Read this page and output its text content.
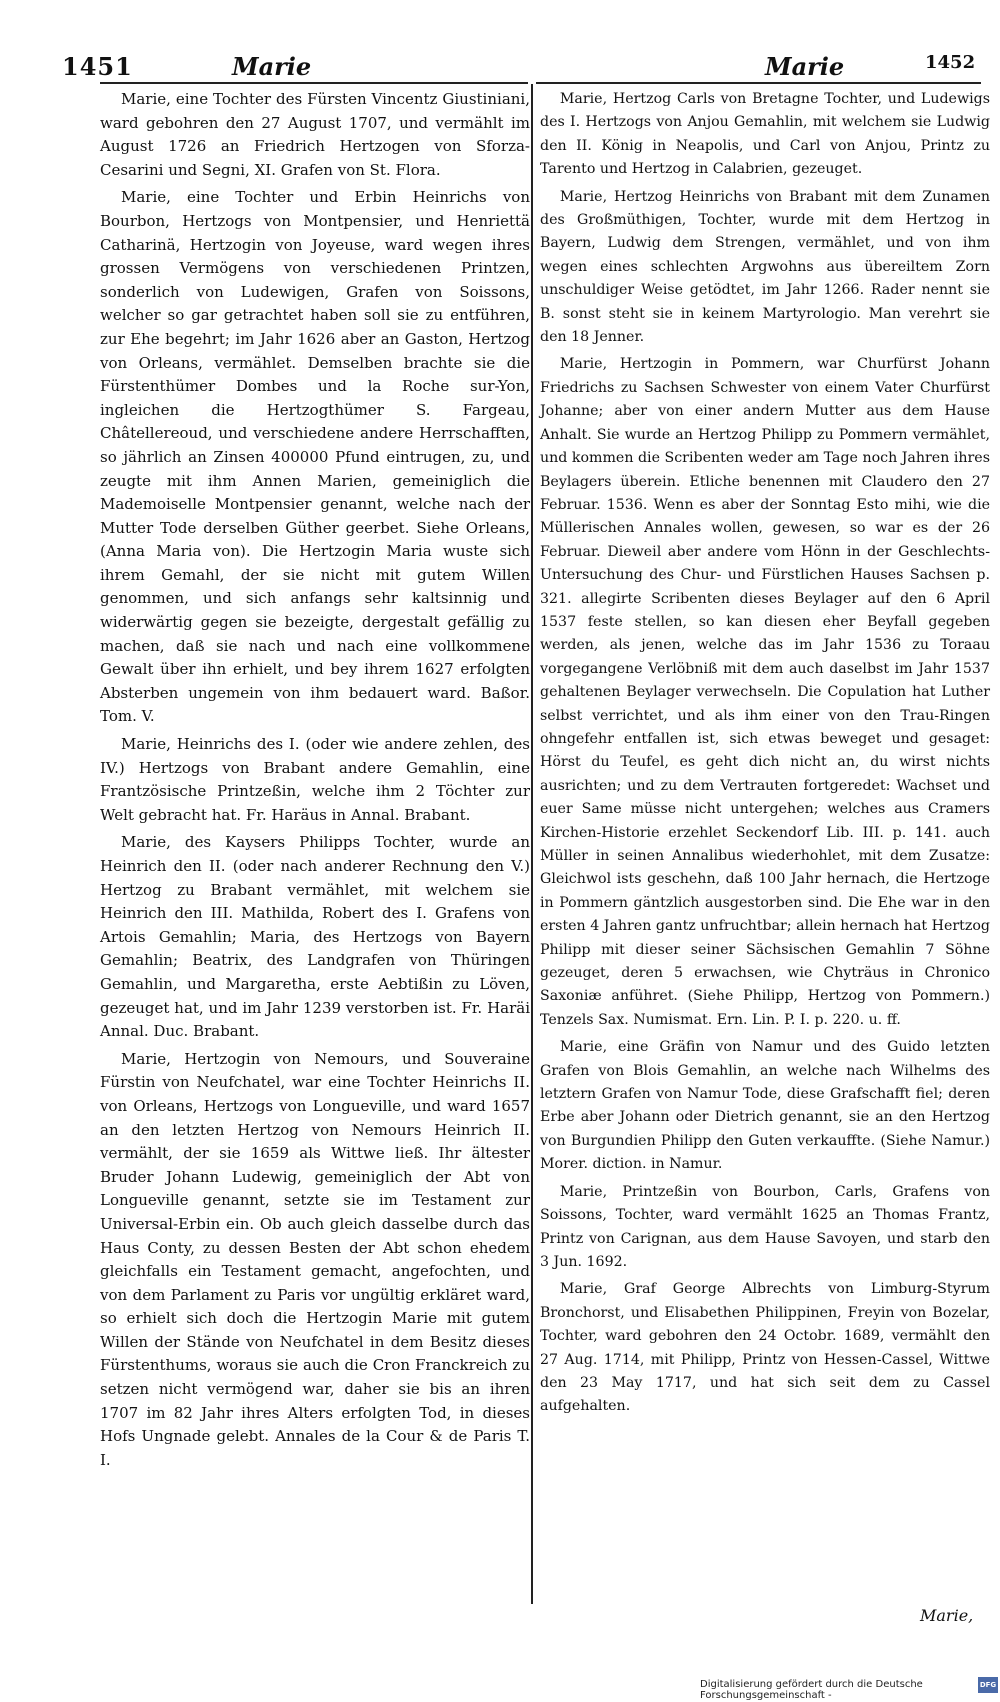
1451	Marie	Marie	1452

Marie, eine Tochter des Fürsten Vincentz Giustiniani, ward gebohren den 27 August 1707, und vermählt im August 1726 an Friedrich Hertzogen von Sforza-Cesarini und Segni, XI. Grafen von St. Flora.

Marie, eine Tochter und Erbin Heinrichs von Bourbon, Hertzogs von Montpensier, und Henriettä Catharinä, Hertzogin von Joyeuse, ward wegen ihres grossen Vermögens von verschiedenen Printzen, sonderlich von Ludewigen, Grafen von Soissons, welcher so gar getrachtet haben soll sie zu entführen, zur Ehe begehrt; im Jahr 1626 aber an Gaston, Hertzog von Orleans, vermählet. Demselben brachte sie die Fürstenthümer Dombes und la Roche sur-Yon, ingleichen die Hertzogthümer S. Fargeau, Châtellereoud, und verschiedene andere Herrschafften, so jährlich an Zinsen 400000 Pfund eintrugen, zu, und zeugte mit ihm Annen Marien, gemeiniglich die Mademoiselle Montpensier genannt, welche nach der Mutter Tode derselben Güther geerbet. Siehe Orleans, (Anna Maria von). Die Hertzogin Maria wuste sich ihrem Gemahl, der sie nicht mit gutem Willen genommen, und sich anfangs sehr kaltsinnig und widerwärtig gegen sie bezeigte, dergestalt gefällig zu machen, daß sie nach und nach eine vollkommene Gewalt über ihn erhielt, und bey ihrem 1627 erfolgten Absterben ungemein von ihm bedauert ward. Baßor. Tom. V.

Marie, Heinrichs des I. (oder wie andere zehlen, des IV.) Hertzogs von Brabant andere Gemahlin, eine Frantzösische Printzeßin, welche ihm 2 Töchter zur Welt gebracht hat. Fr. Haräus in Annal. Brabant.

Marie, des Kaysers Philipps Tochter, wurde an Heinrich den II. (oder nach anderer Rechnung den V.) Hertzog zu Brabant vermählet, mit welchem sie Heinrich den III. Mathilda, Robert des I. Grafens von Artois Gemahlin; Maria, des Hertzogs von Bayern Gemahlin; Beatrix, des Landgrafen von Thüringen Gemahlin, und Margaretha, erste Aebtißin zu Löven, gezeuget hat, und im Jahr 1239 verstorben ist. Fr. Haräi Annal. Duc. Brabant.

Marie, Hertzogin von Nemours, und Souveraine Fürstin von Neufchatel, war eine Tochter Heinrichs II. von Orleans, Hertzogs von Longueville, und ward 1657 an den letzten Hertzog von Nemours Heinrich II. vermählt, der sie 1659 als Wittwe ließ. Ihr ältester Bruder Johann Ludewig, gemeiniglich der Abt von Longueville genannt, setzte sie im Testament zur Universal-Erbin ein. Ob auch gleich dasselbe durch das Haus Conty, zu dessen Besten der Abt schon ehedem gleichfalls ein Testament gemacht, angefochten, und von dem Parlament zu Paris vor ungültig erkläret ward, so erhielt sich doch die Hertzogin Marie mit gutem Willen der Stände von Neufchatel in dem Besitz dieses Fürstenthums, woraus sie auch die Cron Franckreich zu setzen nicht vermögend war, daher sie bis an ihren 1707 im 82 Jahr ihres Alters erfolgten Tod, in dieses Hofs Ungnade gelebt. Annales de la Cour & de Paris T. I.

Marie, Hertzog Carls von Bretagne Tochter, und Ludewigs des I. Hertzogs von Anjou Gemahlin, mit welchem sie Ludwig den II. König in Neapolis, und Carl von Anjou, Printz zu Tarento und Hertzog in Calabrien, gezeuget.

Marie, Hertzog Heinrichs von Brabant mit dem Zunamen des Großmüthigen, Tochter, wurde mit dem Hertzog in Bayern, Ludwig dem Strengen, vermählet, und von ihm wegen eines schlechten Argwohns aus übereiltem Zorn unschuldiger Weise getödtet, im Jahr 1266. Rader nennt sie B. sonst steht sie in keinem Martyrologio. Man verehrt sie den 18 Jenner.

Marie, Hertzogin in Pommern, war Churfürst Johann Friedrichs zu Sachsen Schwester von einem Vater Churfürst Johanne; aber von einer andern Mutter aus dem Hause Anhalt. Sie wurde an Hertzog Philipp zu Pommern vermählet, und kommen die Scribenten weder am Tage noch Jahren ihres Beylagers überein. Etliche benennen mit Claudero den 27 Februar. 1536. Wenn es aber der Sonntag Esto mihi, wie die Müllerischen Annales wollen, gewesen, so war es der 26 Februar. Dieweil aber andere vom Hönn in der Geschlechts-Untersuchung des Chur- und Fürstlichen Hauses Sachsen p. 321. allegirte Scribenten dieses Beylager auf den 6 April 1537 feste stellen, so kan diesen eher Beyfall gegeben werden, als jenen, welche das im Jahr 1536 zu Toraau vorgegangene Verlöbniß mit dem auch daselbst im Jahr 1537 gehaltenen Beylager verwechseln. Die Copulation hat Luther selbst verrichtet, und als ihm einer von den Trau-Ringen ohngefehr entfallen ist, sich etwas beweget und gesaget: Hörst du Teufel, es geht dich nicht an, du wirst nichts ausrichten; und zu dem Vertrauten fortgeredet: Wachset und euer Same müsse nicht untergehen; welches aus Cramers Kirchen-Historie erzehlet Seckendorf Lib. III. p. 141. auch Müller in seinen Annalibus wiederhohlet, mit dem Zusatze: Gleichwol ists geschehn, daß 100 Jahr hernach, die Hertzoge in Pommern gäntzlich ausgestorben sind. Die Ehe war in den ersten 4 Jahren gantz unfruchtbar; allein hernach hat Hertzog Philipp mit dieser seiner Sächsischen Gemahlin 7 Söhne gezeuget, deren 5 erwachsen, wie Chyträus in Chronico Saxoniæ anführet. (Siehe Philipp, Hertzog von Pommern.) Tenzels Sax. Numismat. Ern. Lin. P. I. p. 220. u. ff.

Marie, eine Gräfin von Namur und des Guido letzten Grafen von Blois Gemahlin, an welche nach Wilhelms des letztern Grafen von Namur Tode, diese Grafschafft fiel; deren Erbe aber Johann oder Dietrich genannt, sie an den Hertzog von Burgundien Philipp den Guten verkauffte. (Siehe Namur.) Morer. diction. in Namur.

Marie, Printzeßin von Bourbon, Carls, Grafens von Soissons, Tochter, ward vermählt 1625 an Thomas Frantz, Printz von Carignan, aus dem Hause Savoyen, und starb den 3 Jun. 1692.

Marie, Graf George Albrechts von Limburg-Styrum Bronchorst, und Elisabethen Philippinen, Freyin von Bozelar, Tochter, ward gebohren den 24 Octobr. 1689, vermählt den 27 Aug. 1714, mit Philipp, Printz von Hessen-Cassel, Wittwe den 23 May 1717, und hat sich seit dem zu Cassel aufgehalten.

Marie,
Digitalisierung gefördert durch die Deutsche Forschungsgemeinschaft -
DFG
